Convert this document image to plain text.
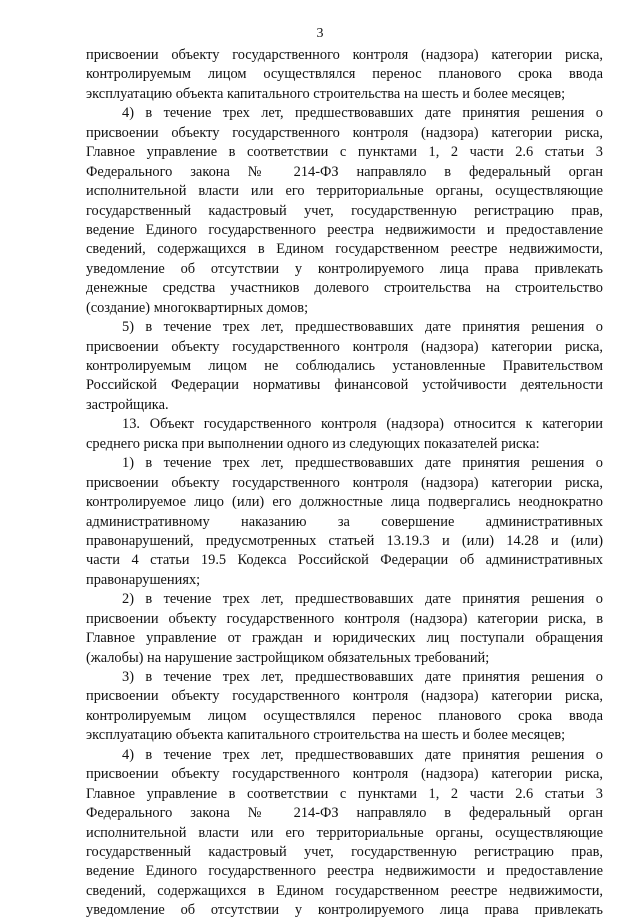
3
присвоении объекту государственного контроля (надзора) категории риска,
контролируемым лицом осуществлялся перенос планового срока ввода
эксплуатацию объекта капитального строительства на шесть и более месяцев;
4) в течение трех лет, предшествовавших дате принятия решения о
присвоении объекту государственного контроля (надзора) категории риска,
Главное управление в соответствии с пунктами 1, 2 части 2.6 статьи 3
Федерального закона № 214-ФЗ направляло в федеральный орган
исполнительной власти или его территориальные органы, осуществляющие
государственный кадастровый учет, государственную регистрацию прав,
ведение Единого государственного реестра недвижимости и предоставление
сведений, содержащихся в Едином государственном реестре недвижимости,
уведомление об отсутствии у контролируемого лица права привлекать
денежные средства участников долевого строительства на строительство
(создание) многоквартирных домов;
5) в течение трех лет, предшествовавших дате принятия решения о
присвоении объекту государственного контроля (надзора) категории риска,
контролируемым лицом не соблюдались установленные Правительством
Российской Федерации нормативы финансовой устойчивости деятельности
застройщика.
13. Объект государственного контроля (надзора) относится к категории
среднего риска при выполнении одного из следующих показателей риска:
1) в течение трех лет, предшествовавших дате принятия решения о
присвоении объекту государственного контроля (надзора) категории риска,
контролируемое лицо (или) его должностные лица подвергались неоднократно
административному наказанию за совершение административных
правонарушений, предусмотренных статьей 13.19.3 и (или) 14.28 и (или)
части 4 статьи 19.5 Кодекса Российской Федерации об административных
правонарушениях;
2) в течение трех лет, предшествовавших дате принятия решения о
присвоении объекту государственного контроля (надзора) категории риска, в
Главное управление от граждан и юридических лиц поступали обращения
(жалобы) на нарушение застройщиком обязательных требований;
3) в течение трех лет, предшествовавших дате принятия решения о
присвоении объекту государственного контроля (надзора) категории риска,
контролируемым лицом осуществлялся перенос планового срока ввода
эксплуатацию объекта капитального строительства на шесть и более месяцев;
4) в течение трех лет, предшествовавших дате принятия решения о
присвоении объекту государственного контроля (надзора) категории риска,
Главное управление в соответствии с пунктами 1, 2 части 2.6 статьи 3
Федерального закона № 214-ФЗ направляло в федеральный орган
исполнительной власти или его территориальные органы, осуществляющие
государственный кадастровый учет, государственную регистрацию прав,
ведение Единого государственного реестра недвижимости и предоставление
сведений, содержащихся в Едином государственном реестре недвижимости,
уведомление об отсутствии у контролируемого лица права привлекать
